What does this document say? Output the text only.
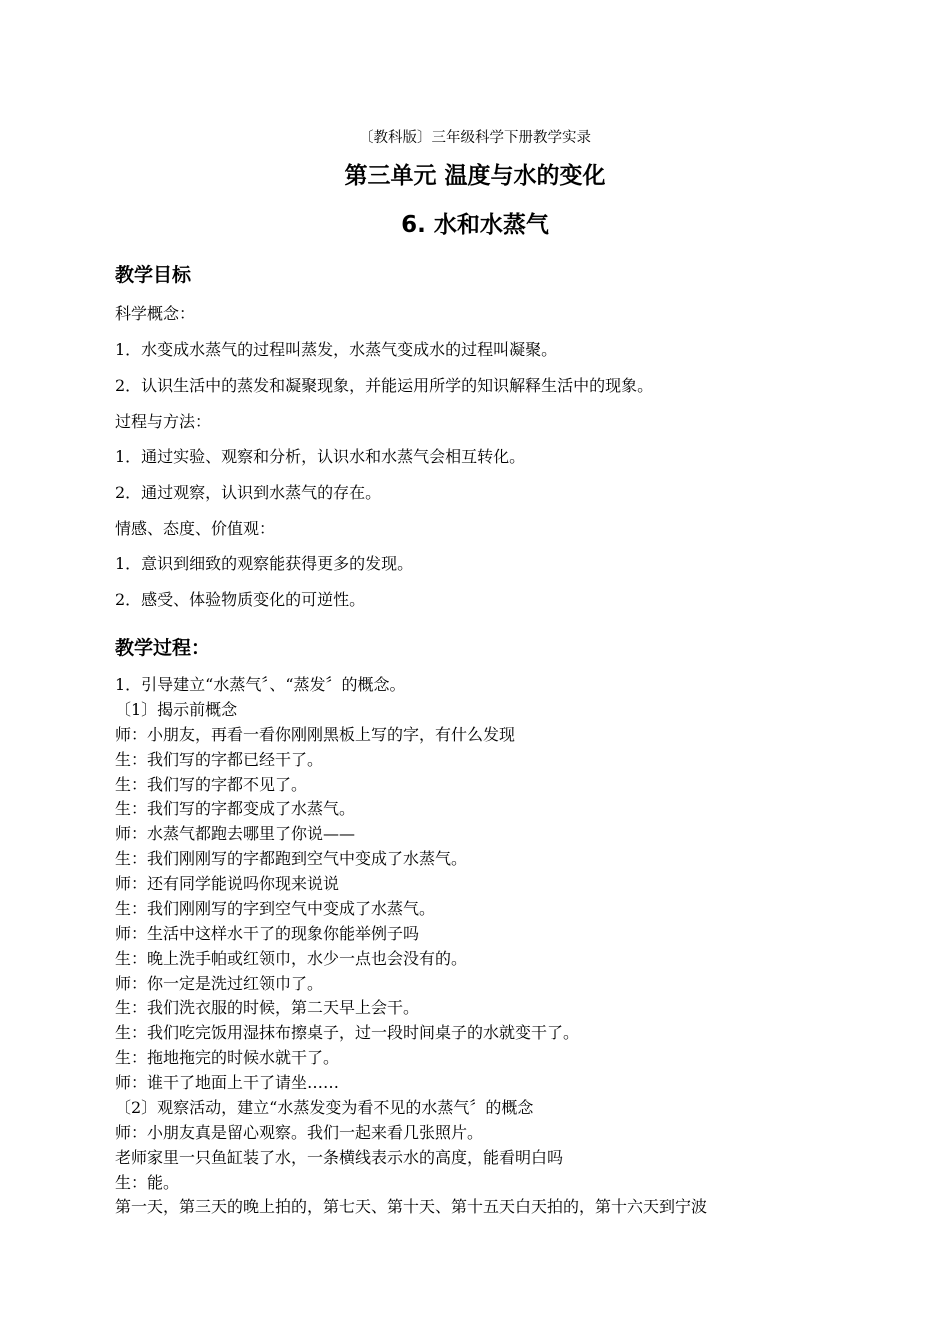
〔教科版〕三年级科学下册教学实录
第三单元 温度与水的变化
6. 水和水蒸气
教学目标
科学概念：
1．水变成水蒸气的过程叫蒸发，水蒸气变成水的过程叫凝聚。
2．认识生活中的蒸发和凝聚现象，并能运用所学的知识解释生活中的现象。
过程与方法：
1．通过实验、观察和分析，认识水和水蒸气会相互转化。
2．通过观察，认识到水蒸气的存在。
情感、态度、价值观：
1．意识到细致的观察能获得更多的发现。
2．感受、体验物质变化的可逆性。
教学过程：
1．引导建立“水蒸气〞、“蒸发〞的概念。
〔1〕揭示前概念
师：小朋友，再看一看你刚刚黑板上写的字，有什么发现
生：我们写的字都已经干了。
生：我们写的字都不见了。
生：我们写的字都变成了水蒸气。
师：水蒸气都跑去哪里了你说——
生：我们刚刚写的字都跑到空气中变成了水蒸气。
师：还有同学能说吗你现来说说
生：我们刚刚写的字到空气中变成了水蒸气。
师：生活中这样水干了的现象你能举例子吗
生：晚上洗手帕或红领巾，水少一点也会没有的。
师：你一定是洗过红领巾了。
生：我们洗衣服的时候，第二天早上会干。
生：我们吃完饭用湿抹布擦桌子，过一段时间桌子的水就变干了。
生：拖地拖完的时候水就干了。
师：谁干了地面上干了请坐……
〔2〕观察活动，建立“水蒸发变为看不见的水蒸气〞的概念
师：小朋友真是留心观察。我们一起来看几张照片。
老师家里一只鱼缸装了水，一条横线表示水的高度，能看明白吗
生：能。
第一天，第三天的晚上拍的，第七天、第十天、第十五天白天拍的，第十六天到宁波
